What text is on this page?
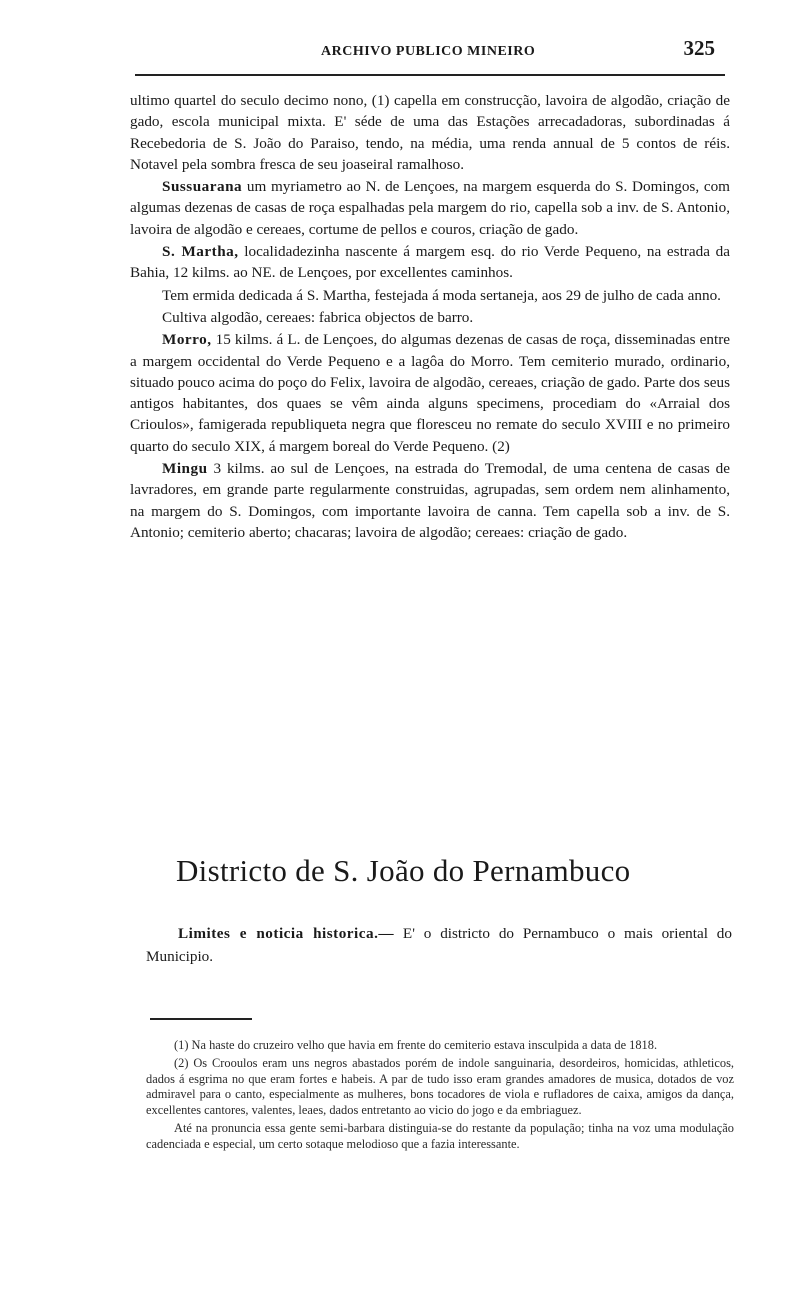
ARCHIVO PUBLICO MINEIRO	325

ultimo quartel do seculo decimo nono, (1) capella em construcção, lavoira de algodão, criação de gado, escola municipal mixta. E' séde de uma das Estações arrecadadoras, subordinadas á Recebedoria de S. João do Paraiso, tendo, na média, uma renda annual de 5 contos de réis. Notavel pela sombra fresca de seu joaseiral ramalhoso.

Sussuarana um myriametro ao N. de Lençoes, na margem esquerda do S. Domingos, com algumas dezenas de casas de roça espalhadas pela margem do rio, capella sob a inv. de S. Antonio, lavoira de algodão e cereaes, cortume de pellos e couros, criação de gado.

S. Martha, localidadezinha nascente á margem esq. do rio Verde Pequeno, na estrada da Bahia, 12 kilms. ao NE. de Lençoes, por excellentes caminhos.

Tem ermida dedicada á S. Martha, festejada á moda sertaneja, aos 29 de julho de cada anno.

Cultiva algodão, cereaes: fabrica objectos de barro.

Morro, 15 kilms. á L. de Lençoes, do algumas dezenas de casas de roça, disseminadas entre a margem occidental do Verde Pequeno e a lagôa do Morro. Tem cemiterio murado, ordinario, situado pouco acima do poço do Felix, lavoira de algodão, cereaes, criação de gado. Parte dos seus antigos habitantes, dos quaes se vêm ainda alguns specimens, procediam do «Arraial dos Crioulos», famigerada republiqueta negra que floresceu no remate do seculo XVIII e no primeiro quarto do seculo XIX, á margem boreal do Verde Pequeno. (2)

Mingu 3 kilms. ao sul de Lençoes, na estrada do Tremodal, de uma centena de casas de lavradores, em grande parte regularmente construidas, agrupadas, sem ordem nem alinhamento, na margem do S. Domingos, com importante lavoira de canna. Tem capella sob a inv. de S. Antonio; cemiterio aberto; chacaras; lavoira de algodão; cereaes: criação de gado.

Districto de S. João do Pernambuco

Limites e noticia historica.— E' o districto do Pernambuco o mais oriental do Municipio.

(1) Na haste do cruzeiro velho que havia em frente do cemiterio estava insculpida a data de 1818.

(2) Os Crooulos eram uns negros abastados porém de indole sanguinaria, desordeiros, homicidas, athleticos, dados á esgrima no que eram fortes e habeis. A par de tudo isso eram grandes amadores de musica, dotados de voz admiravel para o canto, especialmente as mulheres, bons tocadores de viola e rufladores de caixa, amigos da dança, excellentes cantores, valentes, leaes, dados entretanto ao vicio do jogo e da embriaguez.

Até na pronuncia essa gente semi-barbara distinguia-se do restante da população; tinha na voz uma modulação cadenciada e especial, um certo sotaque melodioso que a fazia interessante.
